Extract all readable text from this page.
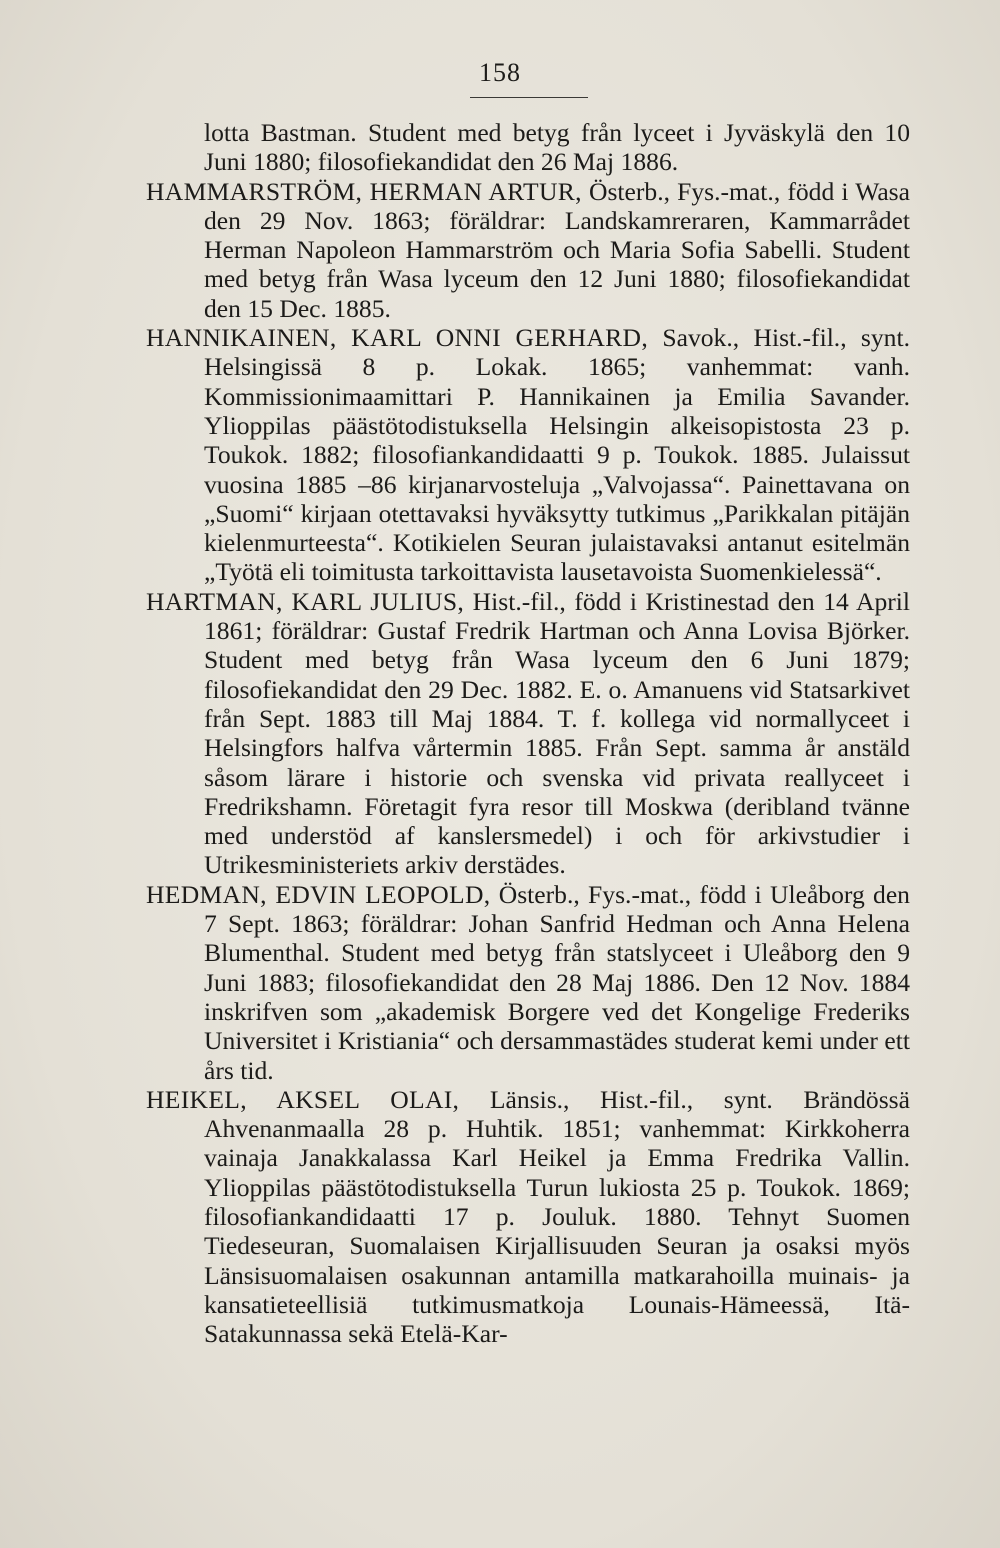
158

lotta Bastman. Student med betyg från lyceet i Jyväskylä den 10 Juni 1880; filosofiekandidat den 26 Maj 1886.

HAMMARSTRÖM, HERMAN ARTUR, Österb., Fys.-mat., född i Wasa den 29 Nov. 1863; föräldrar: Landskamreraren, Kammarrådet Herman Napoleon Hammarström och Maria Sofia Sabelli. Student med betyg från Wasa lyceum den 12 Juni 1880; filosofiekandidat den 15 Dec. 1885.

HANNIKAINEN, KARL ONNI GERHARD, Savok., Hist.-fil., synt. Helsingissä 8 p. Lokak. 1865; vanhemmat: vanh. Kommissionimaamittari P. Hannikainen ja Emilia Savander. Ylioppilas päästötodistuksella Helsingin alkeisopistosta 23 p. Toukok. 1882; filosofiankandidaatti 9 p. Toukok. 1885. Julaissut vuosina 1885 –86 kirjanarvosteluja „Valvojassa“. Painettavana on „Suomi“ kirjaan otettavaksi hyväksytty tutkimus „Parikkalan pitäjän kielenmurteesta“. Kotikielen Seuran julaistavaksi antanut esitelmän „Työtä eli toimitusta tarkoittavista lausetavoista Suomenkielessä“.

HARTMAN, KARL JULIUS, Hist.-fil., född i Kristinestad den 14 April 1861; föräldrar: Gustaf Fredrik Hartman och Anna Lovisa Björker. Student med betyg från Wasa lyceum den 6 Juni 1879; filosofiekandidat den 29 Dec. 1882. E. o. Amanuens vid Statsarkivet från Sept. 1883 till Maj 1884. T. f. kollega vid normallyceet i Helsingfors halfva vårtermin 1885. Från Sept. samma år anstäld såsom lärare i historie och svenska vid privata reallyceet i Fredrikshamn. Företagit fyra resor till Moskwa (deribland tvänne med understöd af kanslersmedel) i och för arkivstudier i Utrikesministeriets arkiv derstädes.

HEDMAN, EDVIN LEOPOLD, Österb., Fys.-mat., född i Uleåborg den 7 Sept. 1863; föräldrar: Johan Sanfrid Hedman och Anna Helena Blumenthal. Student med betyg från statslyceet i Uleåborg den 9 Juni 1883; filosofiekandidat den 28 Maj 1886. Den 12 Nov. 1884 inskrifven som „akademisk Borgere ved det Kongelige Frederiks Universitet i Kristiania“ och dersammastädes studerat kemi under ett års tid.

HEIKEL, AKSEL OLAI, Länsis., Hist.-fil., synt. Brändössä Ahvenanmaalla 28 p. Huhtik. 1851; vanhemmat: Kirkkoherra vainaja Janakkalassa Karl Heikel ja Emma Fredrika Vallin. Ylioppilas päästötodistuksella Turun lukiosta 25 p. Toukok. 1869; filosofiankandidaatti 17 p. Jouluk. 1880. Tehnyt Suomen Tiedeseuran, Suomalaisen Kirjallisuuden Seuran ja osaksi myös Länsisuomalaisen osakunnan antamilla matkarahoilla muinais- ja kansatieteellisiä tutkimusmatkoja Lounais-Hämeessä, Itä-Satakunnassa sekä Etelä-Kar-
